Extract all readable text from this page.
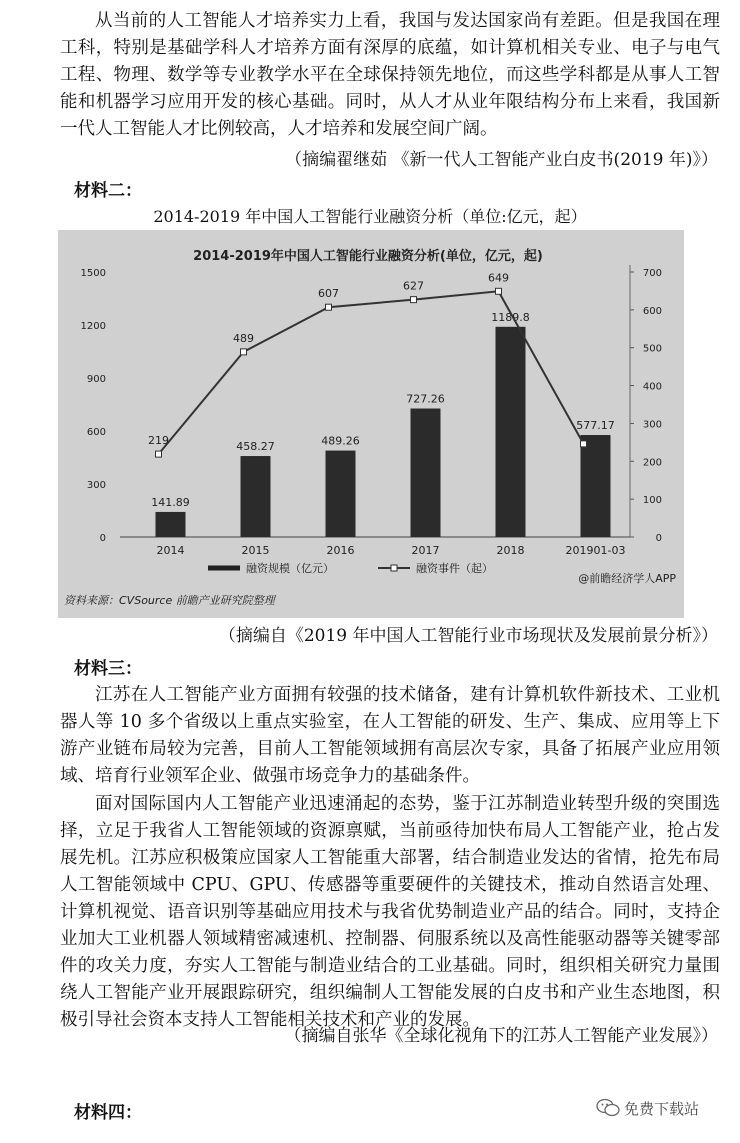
从当前的人工智能人才培养实力上看，我国与发达国家尚有差距。但是我国在理工科，特别是基础学科人才培养方面有深厚的底蕴，如计算机相关专业、电子与电气工程、物理、数学等专业教学水平在全球保持领先地位，而这些学科都是从事人工智能和机器学习应用开发的核心基础。同时，从人才从业年限结构分布上来看，我国新一代人工智能人才比例较高，人才培养和发展空间广阔。

（摘编翟继茹 《新一代人工智能产业白皮书(2019 年)》）

材料二：

2014-2019 年中国人工智能行业融资分析（单位:亿元，起）

2014-2019年中国人工智能行业融资分析(单位，亿元，起)
0
300
600
900
1200
1500
0
100
200
300
400
500
600
700
141.89
458.27	489.26
727.26
1189.8
577.17
219
489
607
627
649
2014	2015	2016	2017	2018	201901-03
融资规模（亿元）	融资事件（起）
资料来源：CVSource 前瞻产业研究院整理
@前瞻经济学人APP

（摘编自《2019 年中国人工智能行业市场现状及发展前景分析》）

材料三：

江苏在人工智能产业方面拥有较强的技术储备，建有计算机软件新技术、工业机器人等 10 多个省级以上重点实验室，在人工智能的研发、生产、集成、应用等上下游产业链布局较为完善，目前人工智能领域拥有高层次专家，具备了拓展产业应用领域、培育行业领军企业、做强市场竞争力的基础条件。

面对国际国内人工智能产业迅速涌起的态势，鉴于江苏制造业转型升级的突围选择，立足于我省人工智能领域的资源禀赋，当前亟待加快布局人工智能产业，抢占发展先机。江苏应积极策应国家人工智能重大部署，结合制造业发达的省情，抢先布局人工智能领域中 CPU、GPU、传感器等重要硬件的关键技术，推动自然语言处理、计算机视觉、语音识别等基础应用技术与我省优势制造业产品的结合。同时，支持企业加大工业机器人领域精密减速机、控制器、伺服系统以及高性能驱动器等关键零部件的攻关力度，夯实人工智能与制造业结合的工业基础。同时，组织相关研究力量围绕人工智能产业开展跟踪研究，组织编制人工智能发展的白皮书和产业生态地图，积极引导社会资本支持人工智能相关技术和产业的发展。

（摘编自张华《全球化视角下的江苏人工智能产业发展》）

材料四：	免费下载站
